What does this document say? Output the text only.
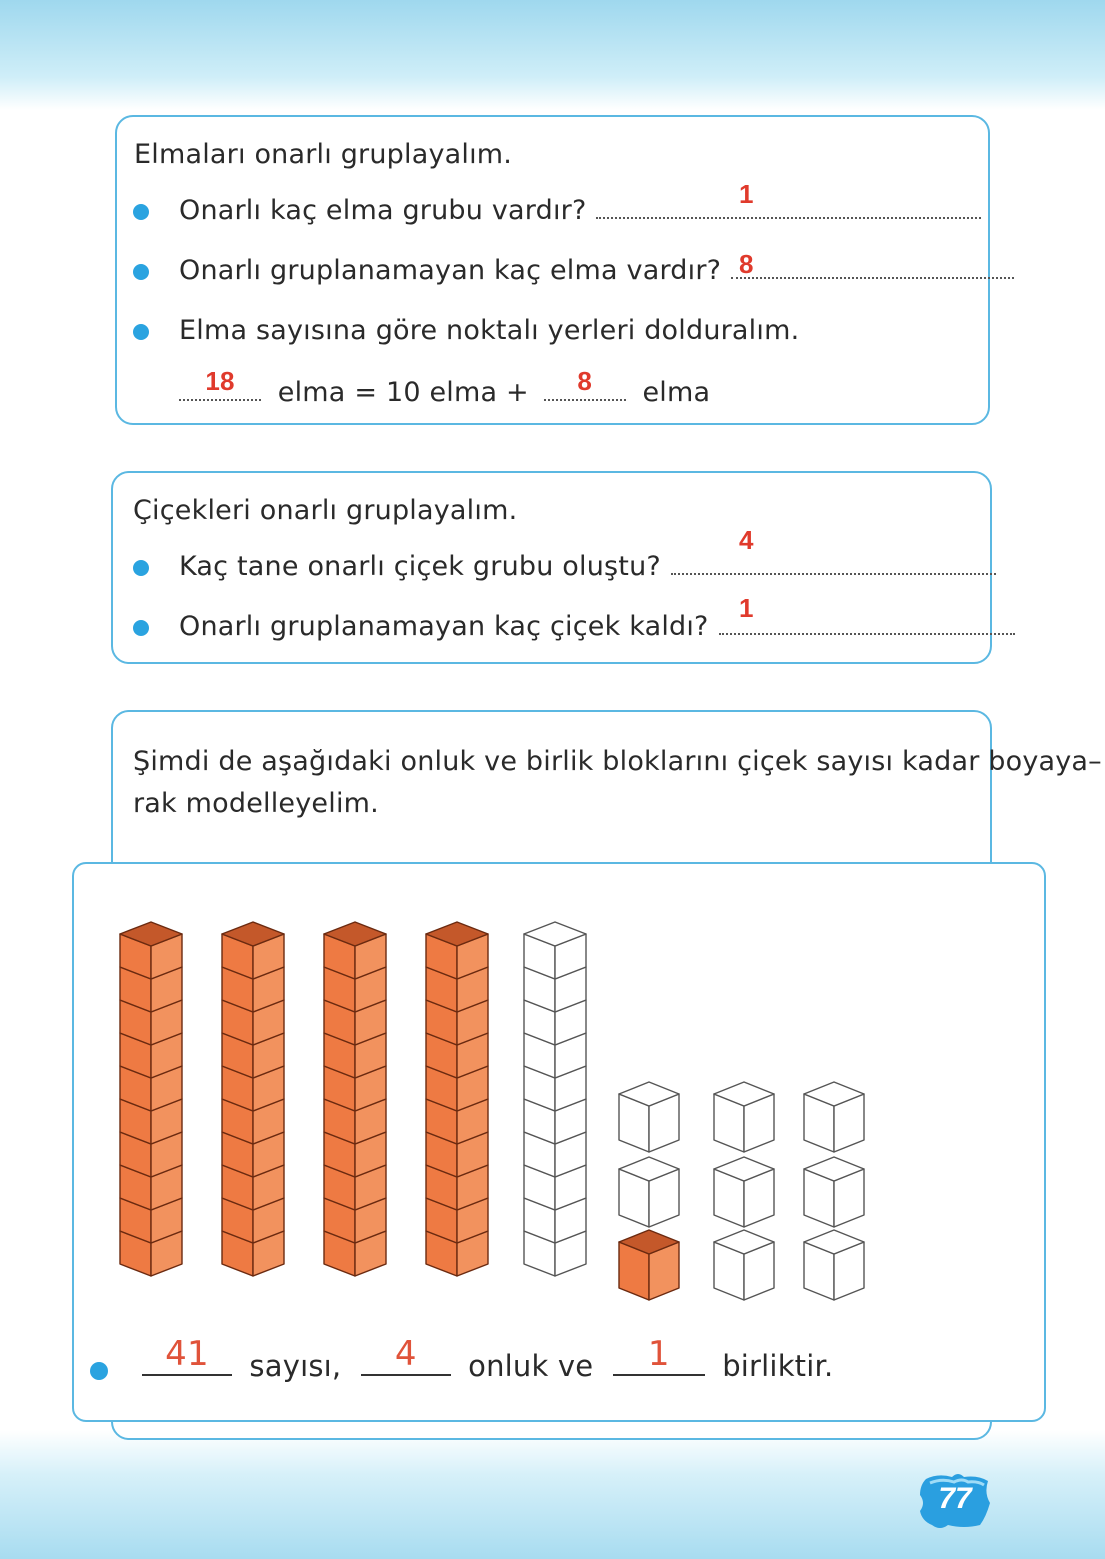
Elmaları onarlı gruplayalım.
Onarlı kaç elma grubu vardır?
1
Onarlı gruplanamayan kaç elma vardır? 8
Elma sayısına göre noktalı yerleri dolduralım.
18	elma = 10 elma +	8	elma
Çiçekleri onarlı gruplayalım.
Kaç tane onarlı çiçek grubu oluştu?
4
Onarlı gruplanamayan kaç çiçek kaldı?
1
Şimdi de aşağıdaki onluk ve birlik bloklarını çiçek sayısı kadar boyaya–
rak modelleyelim.
41	sayısı,	4	onluk ve	1	birliktir.
77
